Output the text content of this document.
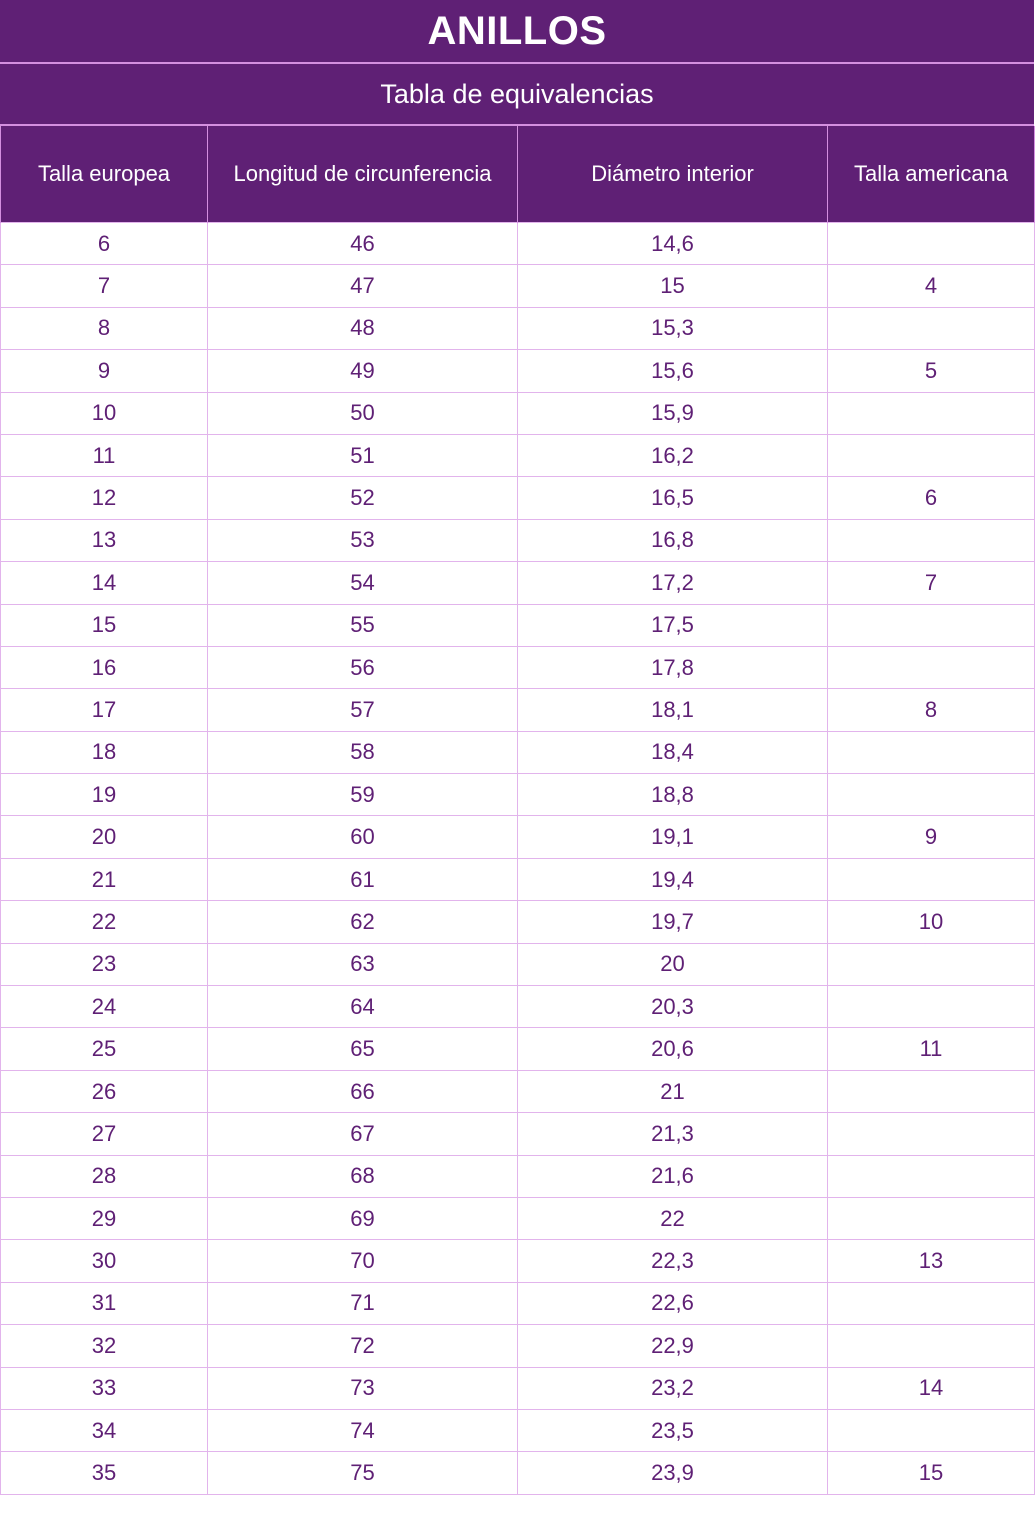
ANILLOS
Tabla de equivalencias
Talla europea	Longitud de circunferencia	Diámetro interior	Talla americana
6	46	14,6	
7	47	15	4
8	48	15,3	
9	49	15,6	5
10	50	15,9	
11	51	16,2	
12	52	16,5	6
13	53	16,8	
14	54	17,2	7
15	55	17,5	
16	56	17,8	
17	57	18,1	8
18	58	18,4	
19	59	18,8	
20	60	19,1	9
21	61	19,4	
22	62	19,7	10
23	63	20	
24	64	20,3	
25	65	20,6	11
26	66	21	
27	67	21,3	
28	68	21,6	
29	69	22	
30	70	22,3	13
31	71	22,6	
32	72	22,9	
33	73	23,2	14
34	74	23,5	
35	75	23,9	15
